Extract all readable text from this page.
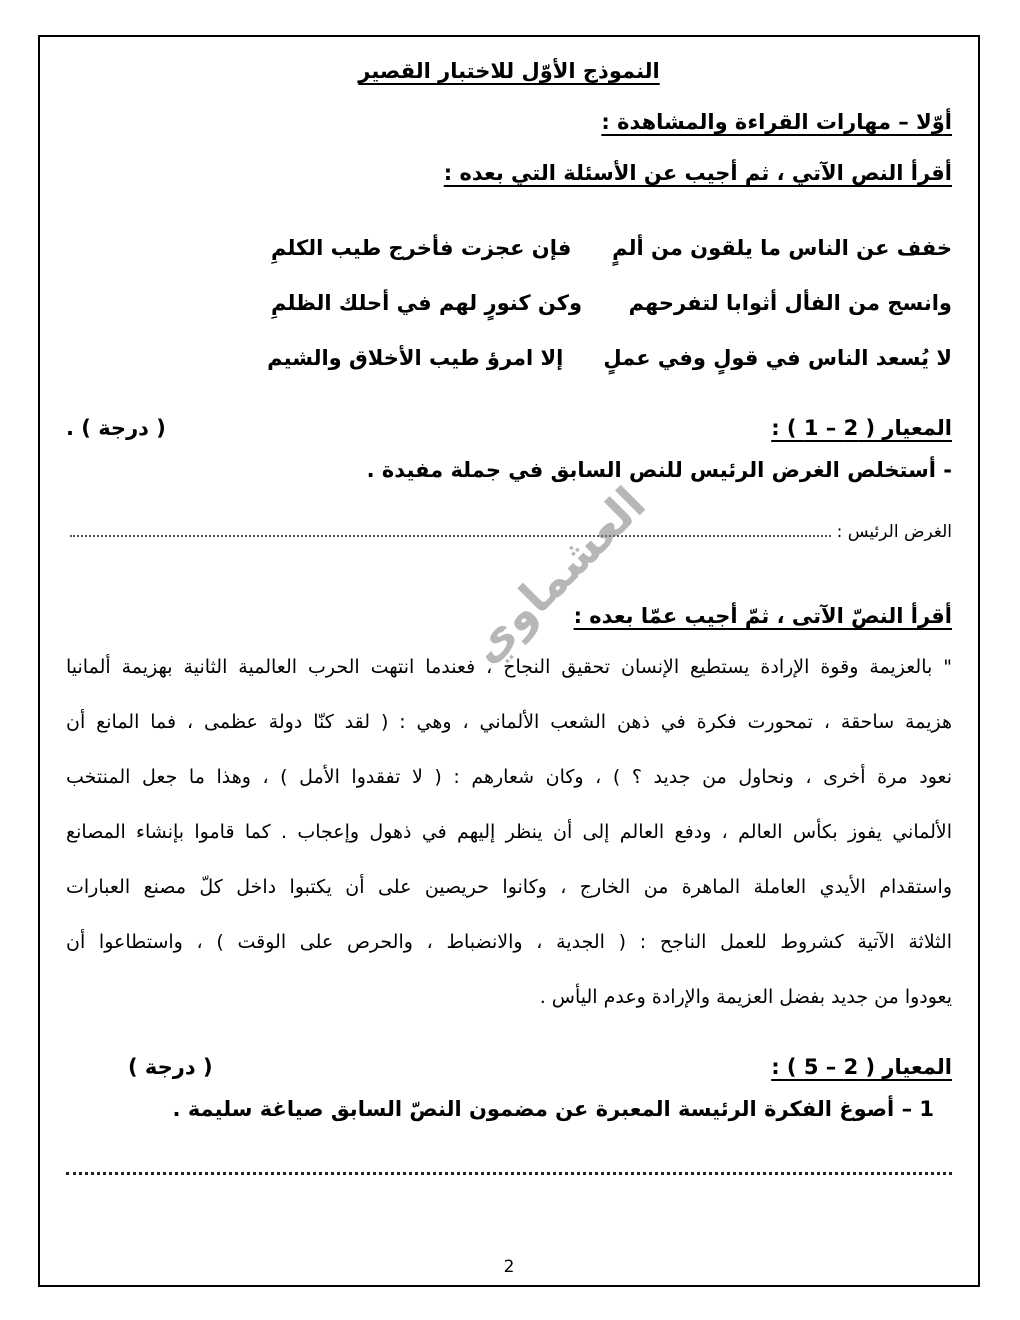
النموذج الأوّل للاختبار القصير
أوّلا – مهارات القراءة والمشاهدة :
أقرأ النص الآتي ، ثم أجيب عن الأسئلة التي بعده :
خفف عن الناس ما يلقون من ألمٍ
فإن عجزت فأخرج طيب الكلمِ
وانسج من الفأل أثوابا لتفرحهم
وكن كنورٍ لهم في أحلك الظلمِ
لا يُسعد الناس في قولٍ وفي عملٍ
إلا امرؤ طيب الأخلاق والشيم
المعيار ( 2 – 1 ) :
( درجة ) .
- أستخلص الغرض الرئيس للنص السابق في جملة مفيدة .
الغرض الرئيس :
أقرأ النصّ الآتى ، ثمّ أجيب عمّا بعده :
" بالعزيمة وقوة الإرادة يستطيع الإنسان تحقيق النجاح ، فعندما انتهت الحرب العالمية الثانية بهزيمة ألمانيا
هزيمة ساحقة ، تمحورت فكرة في ذهن الشعب الألماني ، وهي : ( لقد كنّا دولة عظمى ، فما المانع أن
نعود مرة أخرى ، ونحاول من جديد ؟ ) ، وكان شعارهم : ( لا تفقدوا الأمل ) ، وهذا ما جعل المنتخب
الألماني يفوز بكأس العالم ، ودفع العالم إلى أن ينظر إليهم في ذهول وإعجاب . كما قاموا بإنشاء المصانع
واستقدام الأيدي العاملة الماهرة من الخارج ، وكانوا حريصين على أن يكتبوا داخل كلّ مصنع العبارات
الثلاثة الآتية كشروط للعمل الناجح : ( الجدية ، والانضباط ، والحرص على الوقت ) ، واستطاعوا أن
يعودوا من جديد بفضل العزيمة والإرادة وعدم اليأس .
المعيار ( 2 – 5 ) :
( درجة )
1 – أصوغ الفكرة الرئيسة المعبرة عن مضمون النصّ السابق صياغة سليمة .
2
العشماوي
